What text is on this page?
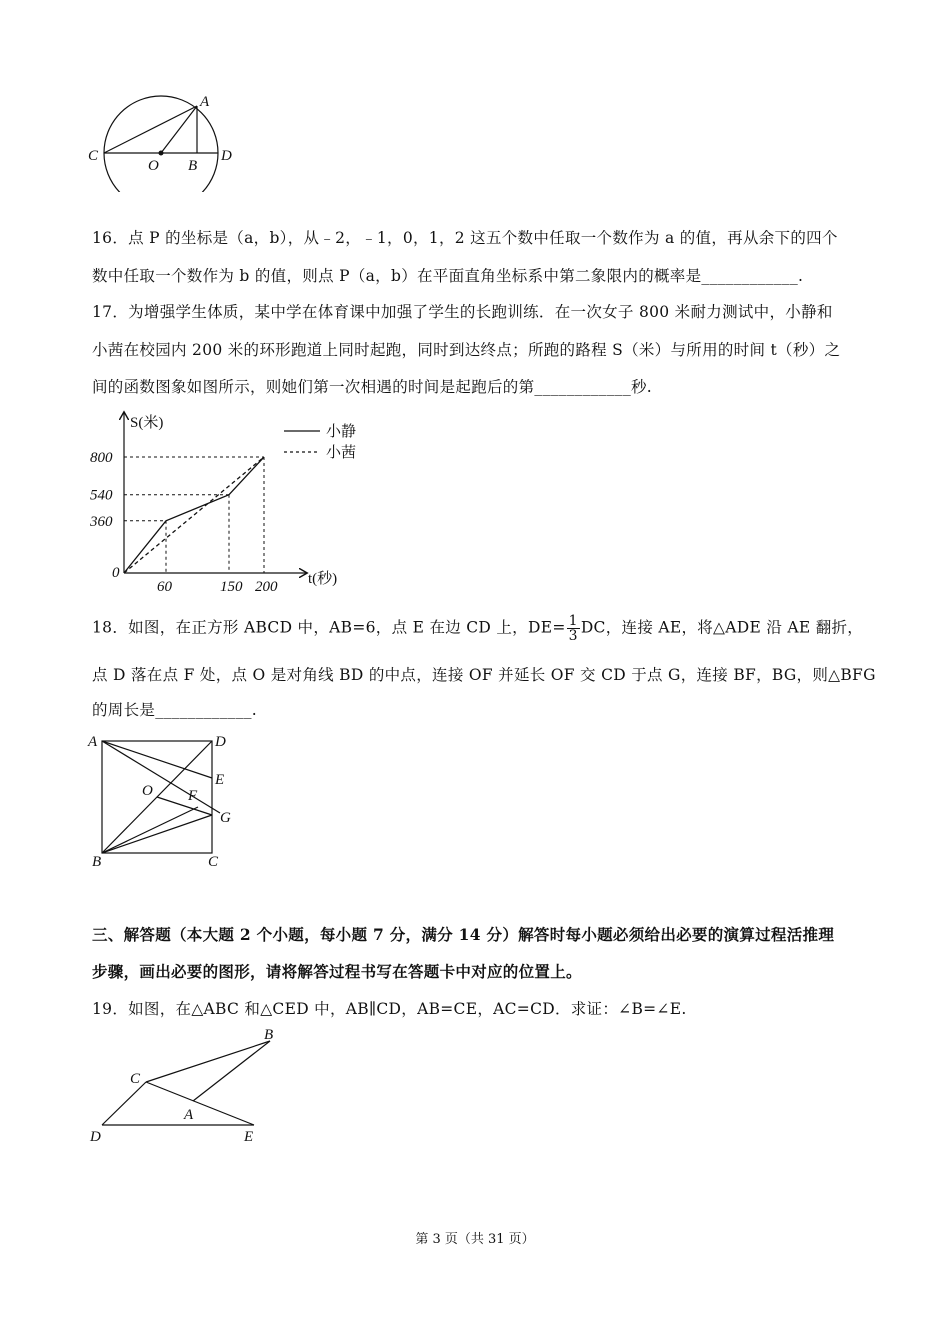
A
C
O B
D
16．点 P 的坐标是（a，b），从﹣2，﹣1，0，1，2 这五个数中任取一个数作为 a 的值，再从余下的四个
数中任取一个数作为 b 的值，则点 P（a，b）在平面直角坐标系中第二象限内的概率是____________.
17．为增强学生体质，某中学在体育课中加强了学生的长跑训练．在一次女子 800 米耐力测试中，小静和
小茜在校园内 200 米的环形跑道上同时起跑，同时到达终点；所跑的路程 S（米）与所用的时间 t（秒）之
间的函数图象如图所示，则她们第一次相遇的时间是起跑后的第____________秒.
S(米)
t(秒)
小静
小茜
0
60	150 200
800
540
360
18．如图，在正方形 ABCD 中，AB=6，点 E 在边 CD 上，$DE= \frac{1}{3}$ DC，连接 AE，将△ADE 沿 AE 翻折，
点 D 落在点 F 处，点 O 是对角线 BD 的中点，连接 OF 并延长 OF 交 CD 于点 G，连接 BF，BG，则△BFG
的周长是____________.
A	D
E
O F
G
B	C
三、解答题（本大题 2 个小题，每小题 7 分，满分 14 分）解答时每小题必须给出必要的演算过程活推理
步骤，画出必要的图形，请将解答过程书写在答题卡中对应的位置上。
19．如图，在△ABC 和△CED 中，AB∥CD，AB=CE，AC=CD．求证：∠B=∠E.
B
C
A
D	E
第 3 页（共 31 页）
